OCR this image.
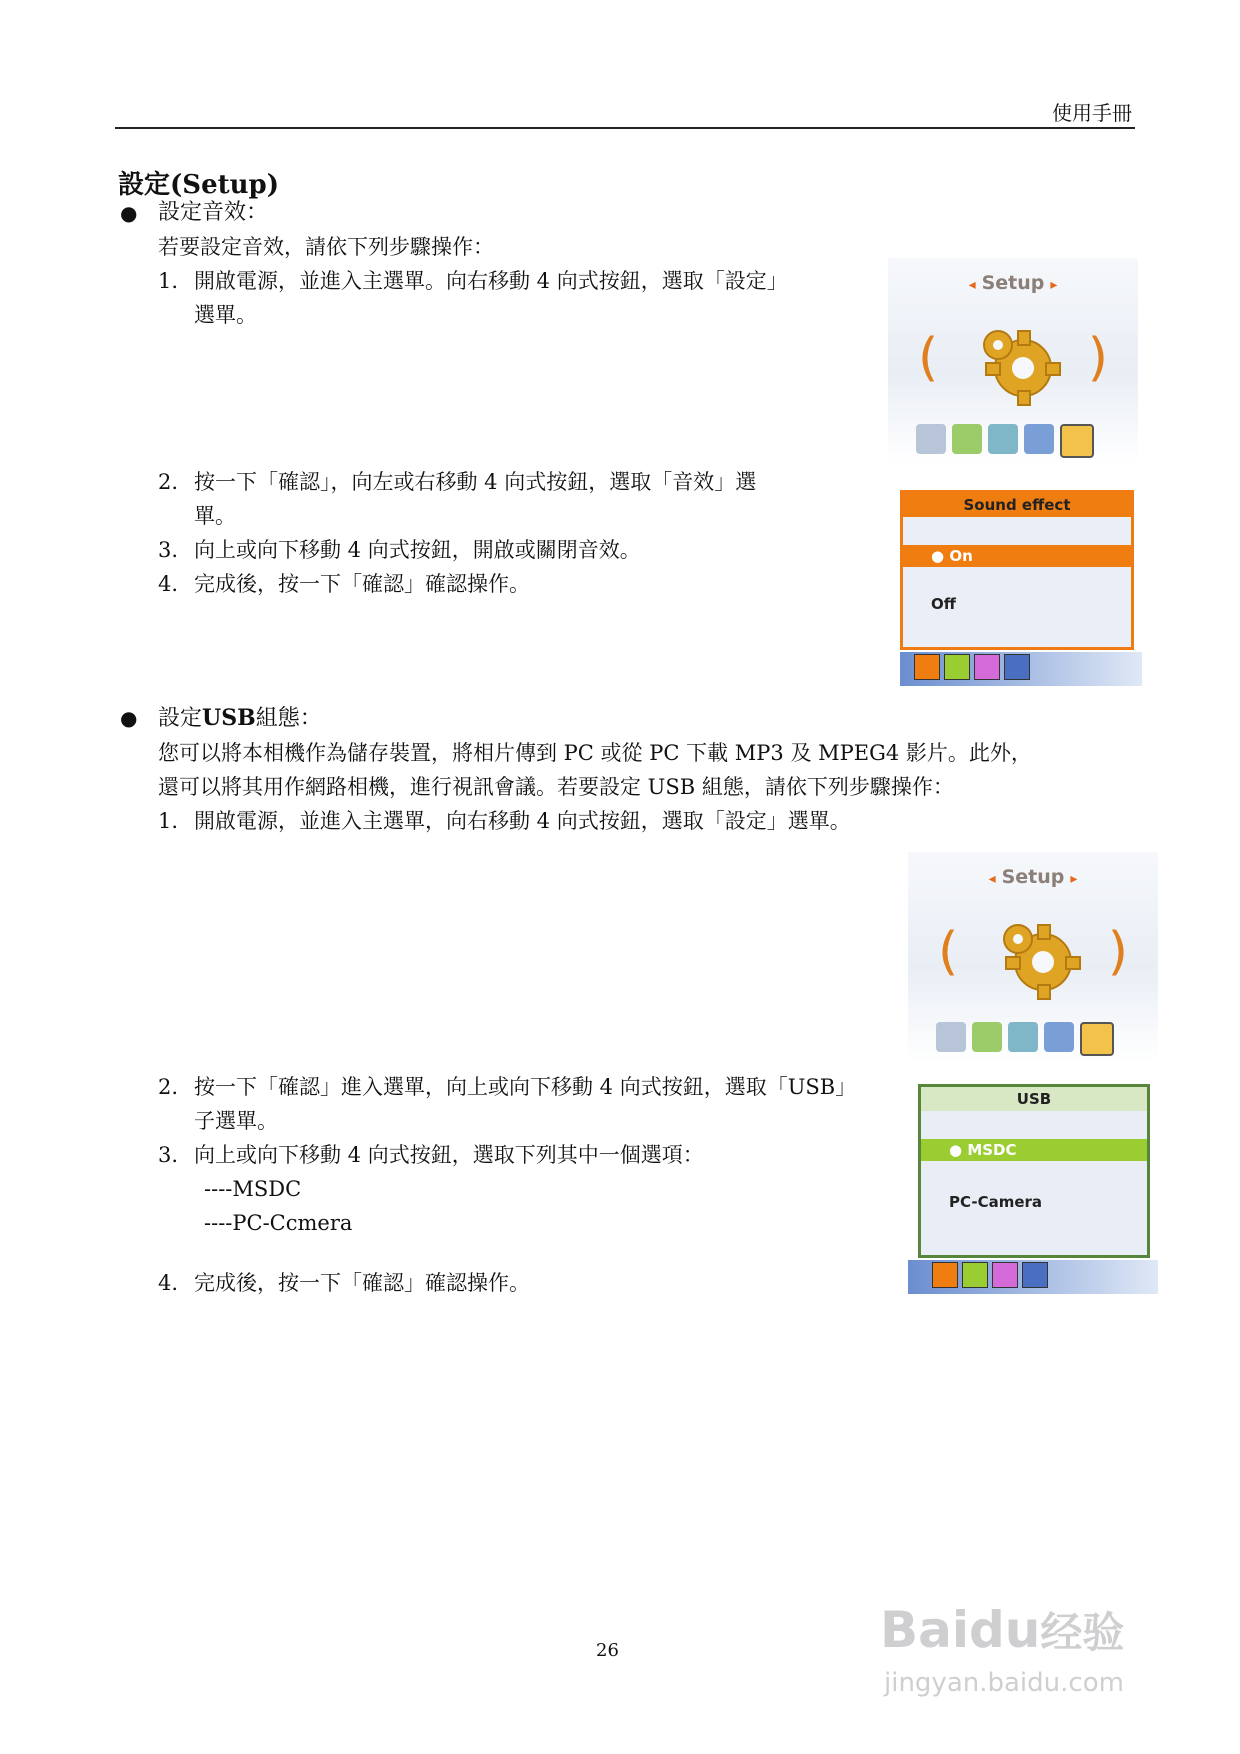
使用手冊
設定(Setup)
● 設定音效：
若要設定音效，請依下列步驟操作：
1. 開啟電源，並進入主選單。向右移動 4 向式按鈕，選取「設定」
選單。
2. 按一下「確認」，向左或右移動 4 向式按鈕，選取「音效」選
單。
3. 向上或向下移動 4 向式按鈕，開啟或關閉音效。
4. 完成後，按一下「確認」確認操作。
◂ Setup ▸
(	)
Sound effect
● On
Off
● 設定USB組態：
您可以將本相機作為儲存裝置，將相片傳到 PC 或從 PC 下載 MP3 及 MPEG4 影片。此外，
還可以將其用作網路相機，進行視訊會議。若要設定 USB 組態，請依下列步驟操作：
1. 開啟電源，並進入主選單，向右移動 4 向式按鈕，選取「設定」選單。
2. 按一下「確認」進入選單，向上或向下移動 4 向式按鈕，選取「USB」
子選單。
3. 向上或向下移動 4 向式按鈕，選取下列其中一個選項：
----MSDC
----PC-Ccmera
4. 完成後，按一下「確認」確認操作。
◂ Setup ▸
(	)
USB
● MSDC
PC-Camera
26	Baidu经验
jingyan.baidu.com
